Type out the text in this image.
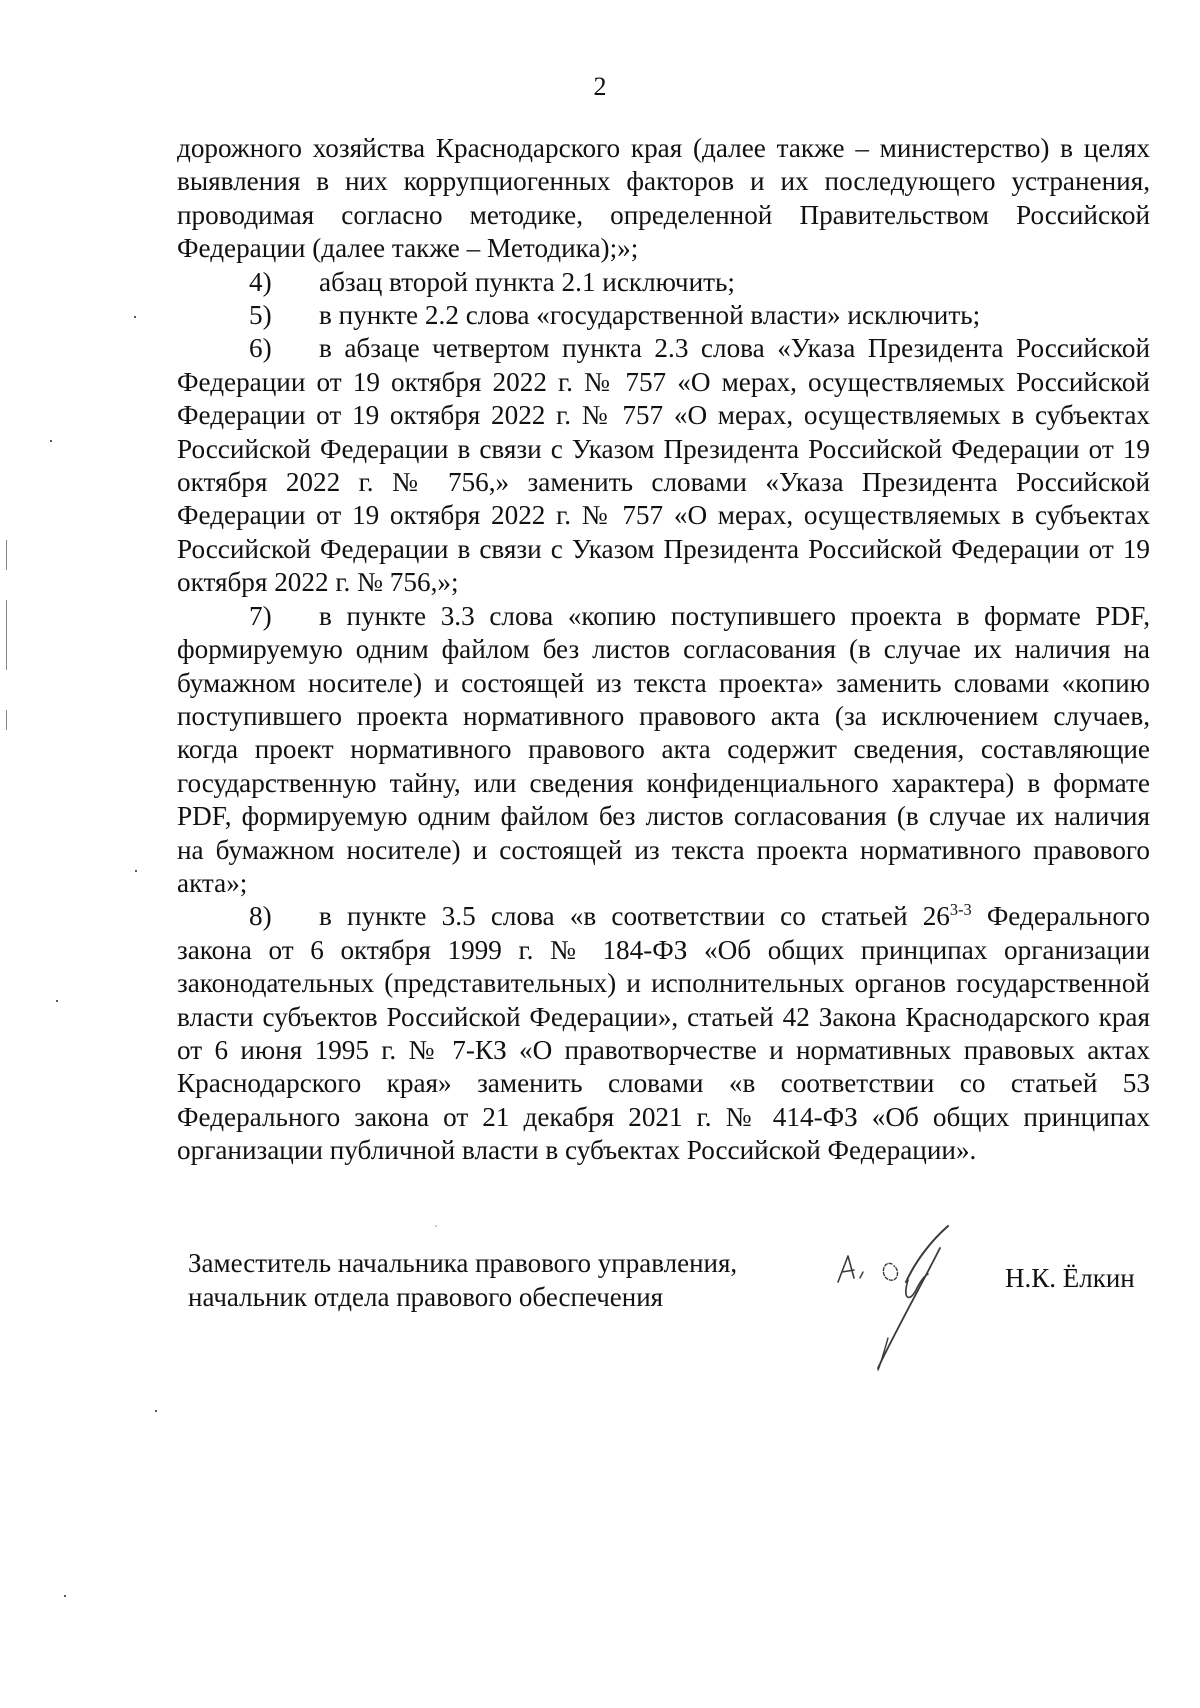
2

дорожного хозяйства Краснодарского края (далее также – министерство) в целях выявления в них коррупциогенных факторов и их последующего устранения, проводимая согласно методике, определенной Правительством Российской Федерации (далее также – Методика);»;

4) абзац второй пункта 2.1 исключить;

5) в пункте 2.2 слова «государственной власти» исключить;

6) в абзаце четвертом пункта 2.3 слова «Указа Президента Российской Федерации от 19 октября 2022 г. № 757 «О мерах, осуществляемых Российской Федерации от 19 октября 2022 г. № 757 «О мерах, осуществляемых в субъектах Российской Федерации в связи с Указом Президента Российской Федерации от 19 октября 2022 г. № 756,» заменить словами «Указа Президента Российской Федерации от 19 октября 2022 г. № 757 «О мерах, осуществляемых в субъектах Российской Федерации в связи с Указом Президента Российской Федерации от 19 октября 2022 г. № 756,»;

7) в пункте 3.3 слова «копию поступившего проекта в формате PDF, формируемую одним файлом без листов согласования (в случае их наличия на бумажном носителе) и состоящей из текста проекта» заменить словами «копию поступившего проекта нормативного правового акта (за исключением случаев, когда проект нормативного правового акта содержит сведения, составляющие государственную тайну, или сведения конфиденциального характера) в формате PDF, формируемую одним файлом без листов согласования (в случае их наличия на бумажном носителе) и состоящей из текста проекта нормативного правового акта»;

8) в пункте 3.5 слова «в соответствии со статьей 26$^{3-3}$ Федерального закона от 6 октября 1999 г. № 184-ФЗ «Об общих принципах организации законодательных (представительных) и исполнительных органов государственной власти субъектов Российской Федерации», статьей 42 Закона Краснодарского края от 6 июня 1995 г. № 7-КЗ «О правотворчестве и нормативных правовых актах Краснодарского края» заменить словами «в соответствии со статьей 53 Федерального закона от 21 декабря 2021 г. № 414-ФЗ «Об общих принципах организации публичной власти в субъектах Российской Федерации».

Заместитель начальника правового управления,
начальник отдела правового обеспечения
Н.К. Ёлкин
